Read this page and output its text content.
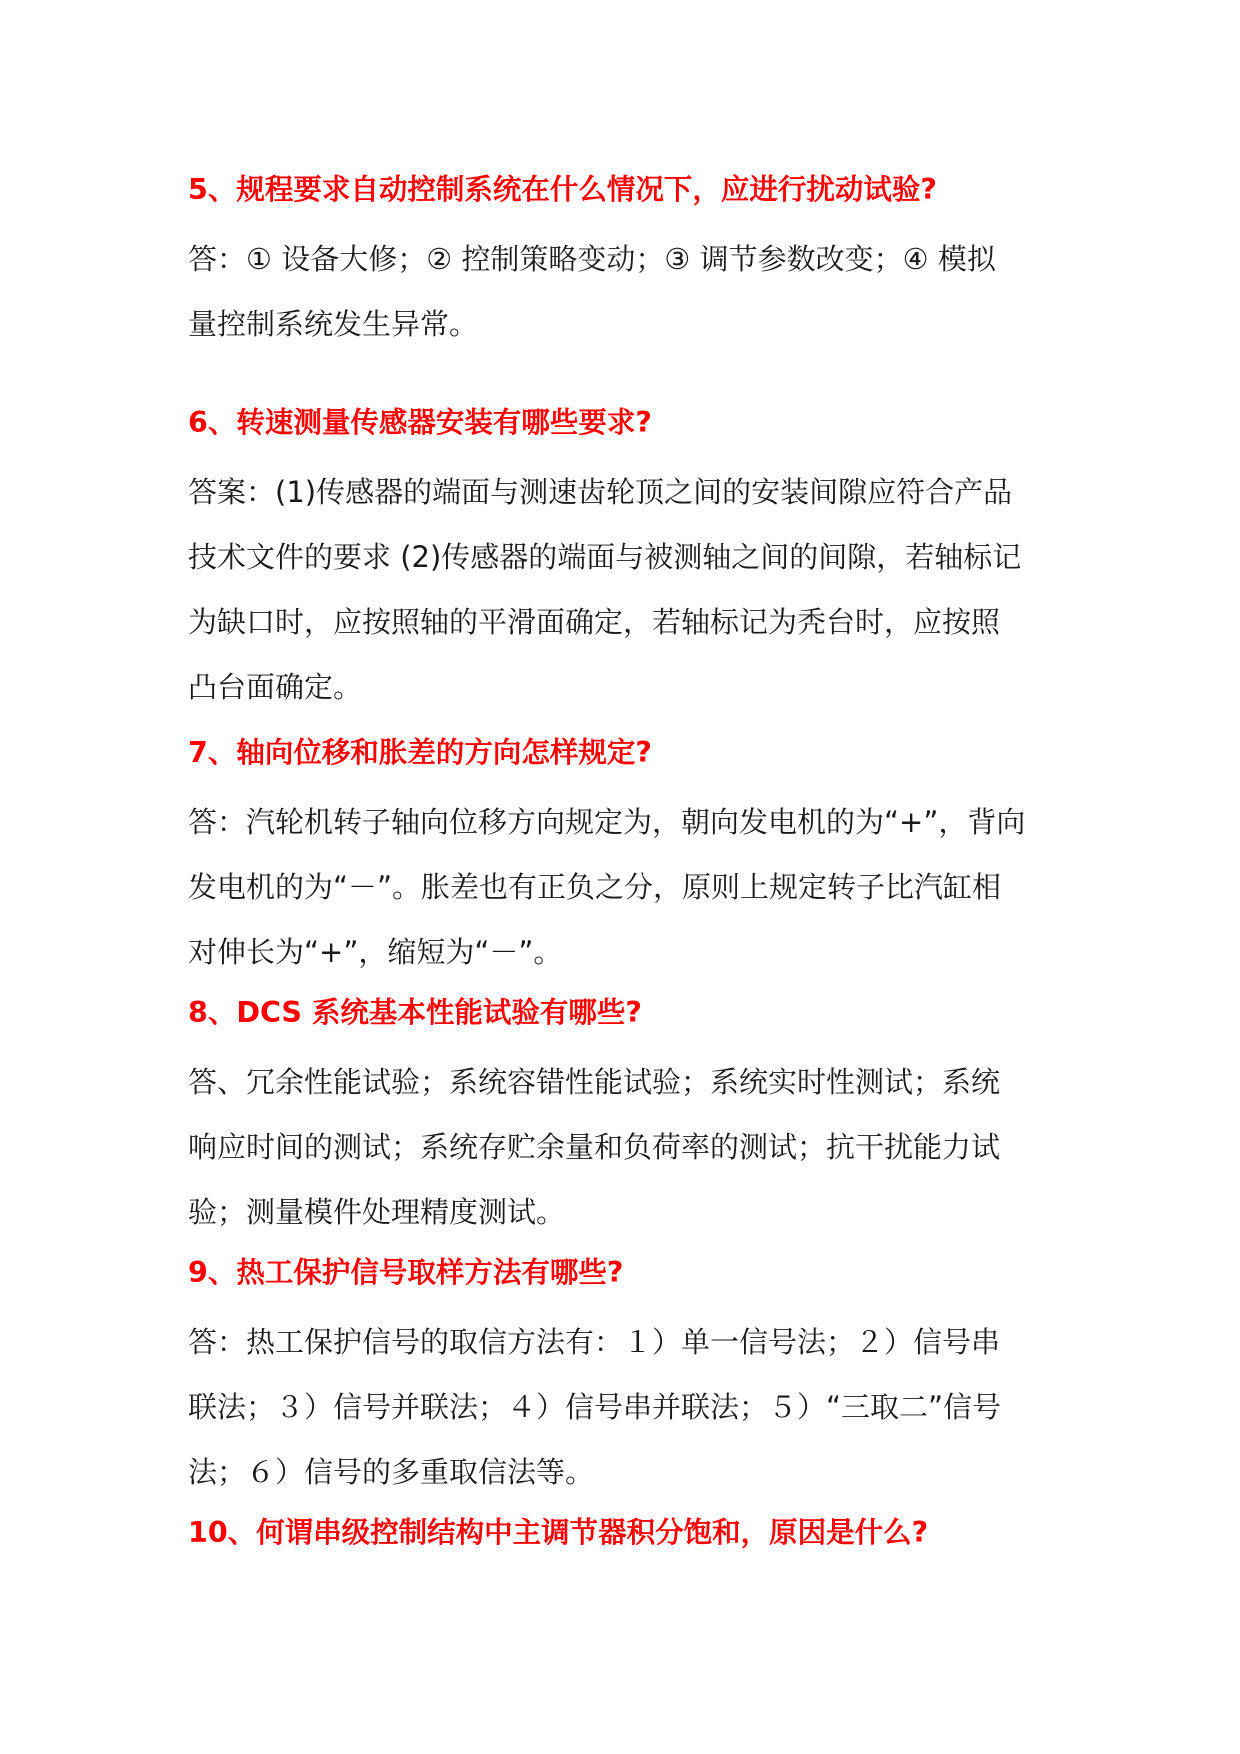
5、规程要求自动控制系统在什么情况下，应进行扰动试验?

答：① 设备大修；② 控制策略变动；③ 调节参数改变；④ 模拟
量控制系统发生异常。

6、转速测量传感器安装有哪些要求?

答案：(1)传感器的端面与测速齿轮顶之间的安装间隙应符合产品
技术文件的要求 (2)传感器的端面与被测轴之间的间隙，若轴标记
为缺口时，应按照轴的平滑面确定，若轴标记为秃台时，应按照
凸台面确定。

7、轴向位移和胀差的方向怎样规定?

答：汽轮机转子轴向位移方向规定为，朝向发电机的为“+”，背向
发电机的为“－”。胀差也有正负之分，原则上规定转子比汽缸相
对伸长为“+”，缩短为“－”。

8、DCS 系统基本性能试验有哪些?

答、冗余性能试验；系统容错性能试验；系统实时性测试；系统
响应时间的测试；系统存贮余量和负荷率的测试；抗干扰能力试
验；测量模件处理精度测试。

9、热工保护信号取样方法有哪些?

答：热工保护信号的取信方法有：１）单一信号法；２）信号串
联法；３）信号并联法；４）信号串并联法；５）“三取二”信号
法；６）信号的多重取信法等。

10、何谓串级控制结构中主调节器积分饱和，原因是什么?
